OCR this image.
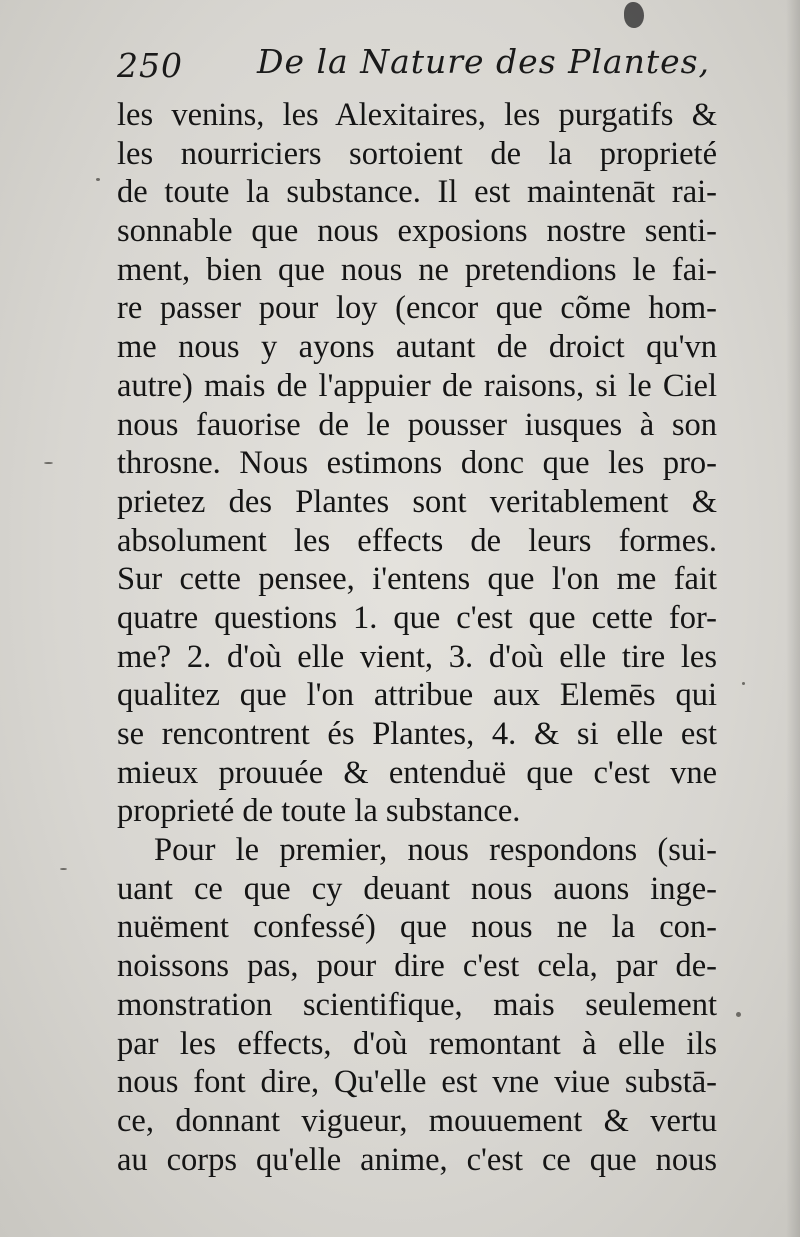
250 De la Nature des Plantes,
les venins, les Alexitaires, les purgatifs &
les nourriciers sortoient de la proprieté
de toute la substance. Il est maintenāt rai-
sonnable que nous exposions nostre senti-
ment, bien que nous ne pretendions le fai-
re passer pour loy (encor que cõme hom-
me nous y ayons autant de droict qu'vn
autre) mais de l'appuier de raisons, si le Ciel
nous fauorise de le pousser iusques à son
throsne. Nous estimons donc que les pro-
prietez des Plantes sont veritablement &
absolument les effects de leurs formes.
Sur cette pensee, i'entens que l'on me fait
quatre questions 1. que c'est que cette for-
me? 2. d'où elle vient, 3. d'où elle tire les
qualitez que l'on attribue aux Elemēs qui
se rencontrent és Plantes, 4. & si elle est
mieux prouuée & entenduë que c'est vne
proprieté de toute la substance.
Pour le premier, nous respondons (sui-
uant ce que cy deuant nous auons inge-
nuëment confessé) que nous ne la con-
noissons pas, pour dire c'est cela, par de-
monstration scientifique, mais seulement
par les effects, d'où remontant à elle ils
nous font dire, Qu'elle est vne viue substā-
ce, donnant vigueur, mouuement & vertu
au corps qu'elle anime, c'est ce que nous
